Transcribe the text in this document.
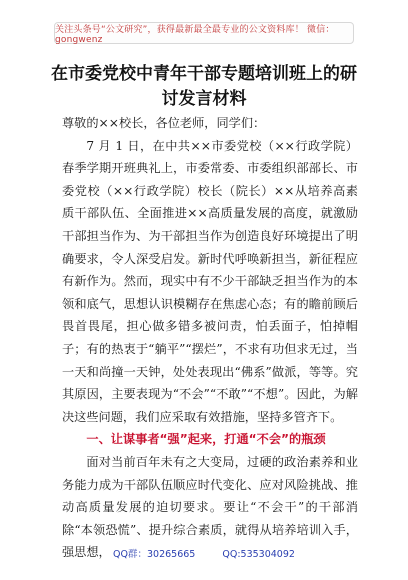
关注头条号“公文研究”，获得最新最全最专业的公文资料库！ 微信：gongwenz
在市委党校中青年干部专题培训班上的研
讨发言材料

尊敬的××校长，各位老师，同学们：

7 月 1 日，在中共××市委党校（××行政学院）春季学期开班典礼上，市委常委、市委组织部部长、市委党校（××行政学院）校长（院长）××从培养高素质干部队伍、全面推进××高质量发展的高度，就激励干部担当作为、为干部担当作为创造良好环境提出了明确要求，令人深受启发。新时代呼唤新担当，新征程应有新作为。然而，现实中有不少干部缺乏担当作为的本领和底气，思想认识模糊存在焦虑心态；有的瞻前顾后畏首畏尾，担心做多错多被问责，怕丢面子，怕掉帽子；有的热衷于“躺平”“摆烂”，不求有功但求无过，当一天和尚撞一天钟，处处表现出“佛系”做派，等等。究其原因，主要表现为“不会”“不敢”“不想”。因此，为解决这些问题，我们应采取有效措施，坚持多管齐下。

一、让谋事者“强”起来，打通“不会”的瓶颈

面对当前百年未有之大变局，过硬的政治素养和业务能力成为干部队伍顺应时代变化、应对风险挑战、推动高质量发展的迫切要求。要让“不会干”的干部消除“本领恐慌”、提升综合素质，就得从培养培训入手，强思想， QQ群：30265665	QQ:535304092
